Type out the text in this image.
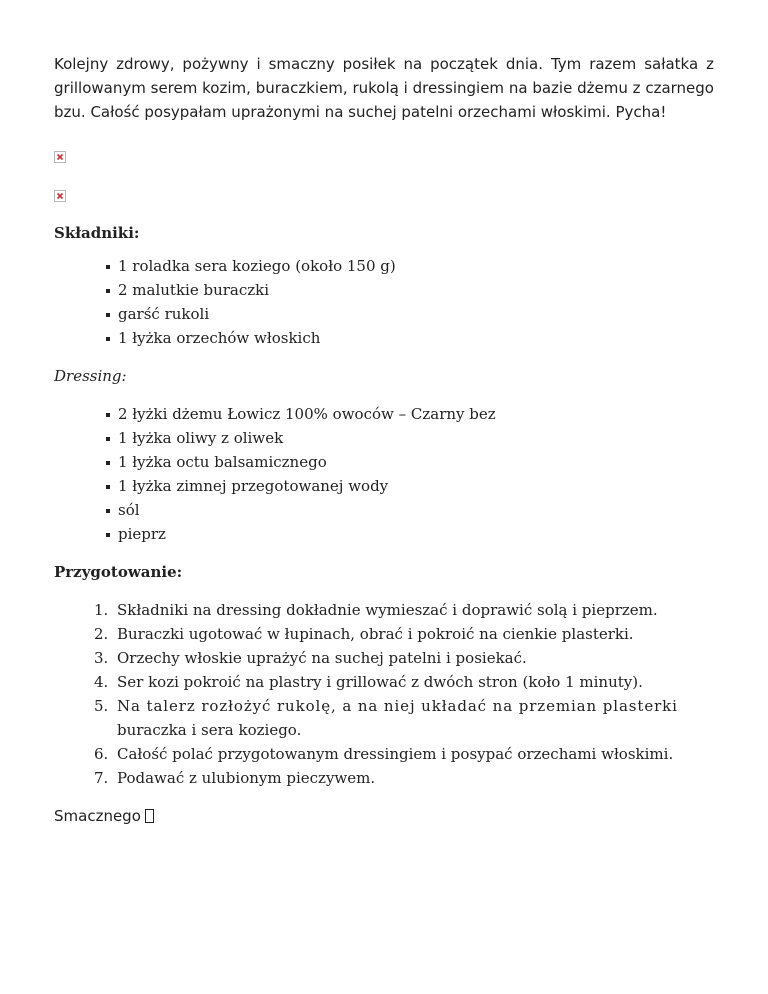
Kolejny zdrowy, pożywny i smaczny posiłek na początek dnia. Tym razem sałatka z grillowanym serem kozim, buraczkiem, rukolą i dressingiem na bazie dżemu z czarnego bzu. Całość posypałam uprażonymi na suchej patelni orzechami włoskimi. Pycha!

Składniki:

1 roladka sera koziego (około 150 g)
2 malutkie buraczki
garść rukoli
1 łyżka orzechów włoskich

Dressing:

2 łyżki dżemu Łowicz 100% owoców – Czarny bez
1 łyżka oliwy z oliwek
1 łyżka octu balsamicznego
1 łyżka zimnej przegotowanej wody
sól
pieprz

Przygotowanie:

1. Składniki na dressing dokładnie wymieszać i doprawić solą i pieprzem.
2. Buraczki ugotować w łupinach, obrać i pokroić na cienkie plasterki.
3. Orzechy włoskie uprażyć na suchej patelni i posiekać.
4. Ser kozi pokroić na plastry i grillować z dwóch stron (koło 1 minuty).
5. Na talerz rozłożyć rukolę, a na niej układać na przemian plasterki
buraczka i sera koziego.
6. Całość polać przygotowanym dressingiem i posypać orzechami włoskimi.
7. Podawać z ulubionym pieczywem.

Smacznego
